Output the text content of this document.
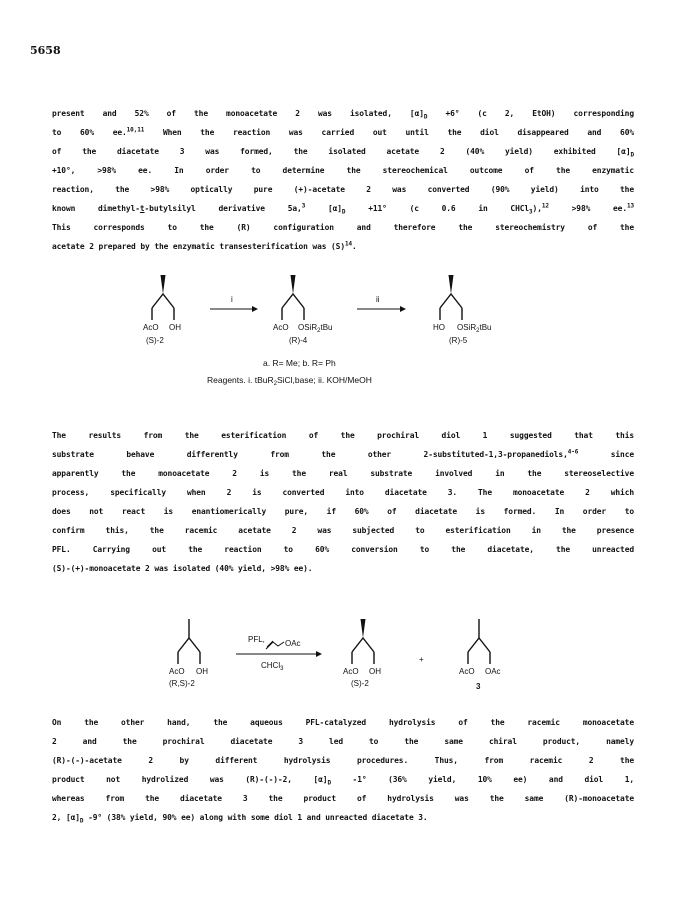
5658
present and 52% of the monoacetate 2 was isolated, $[\alpha]_D +6^\circ$ (c 2, EtOH) corresponding
to 60% ee.$^{10,11}$ When the reaction was carried out until the diol disappeared and 60%
of the diacetate 3 was formed, the isolated acetate 2 (40% yield) exhibited $[\alpha]_D$
+10°, >98% ee. In order to determine the stereochemical outcome of the enzymatic
reaction, the >98% optically pure (+)-acetate 2 was converted (90% yield) into the
known dimethyl-t-butylsilyl derivative 5a,$^3$ $[\alpha]_D +11^\circ$ (c 0.6 in CHCl$_3$),$^{12}$ >98% ee.$^{13}$
This corresponds to the (R) configuration and therefore the stereochemistry of the
acetate 2 prepared by the enzymatic transesterification was $(S)^{14}$.
AcO OH
(S)-2
i
AcO OSiR$_2$tBu
(R)-4
ii
HO OSiR$_2$tBu
(R)-5
a. R= Me; b. R= Ph
Reagents. i. tBuR$_2$SiCl,base; ii. KOH/MeOH
The results from the esterification of the prochiral diol 1 suggested that this
substrate behave differently from the other 2-substituted-1,3-propanediols,$^{4-6}$ since
apparently the monoacetate 2 is the real substrate involved in the stereoselective
process, specifically when 2 is converted into diacetate 3. The monoacetate 2 which
does not react is enantiomerically pure, if 60% of diacetate is formed. In order to
confirm this, the racemic acetate 2 was subjected to esterification in the presence
PFL. Carrying out the reaction to 60% conversion to the diacetate, the unreacted
(S)-(+)-monoacetate 2 was isolated (40% yield, >98% ee).
AcO OH
(R,S)-2
PFL,	OAc
CHCl$_3$	AcO OH
(S)-2
+
AcO OAc
3
On the other hand, the aqueous PFL-catalyzed hydrolysis of the racemic monoacetate
2 and the prochiral diacetate 3 led to the same chiral product, namely
(R)-(-)-acetate 2 by different hydrolysis procedures. Thus, from racemic 2 the
product not hydrolized was (R)-(-)-2, $[\alpha]_D$ -1° (36% yield, 10% ee) and diol 1,
whereas from the diacetate 3 the product of hydrolysis was the same (R)-monoacetate
2, $[\alpha]_D$ -9° (38% yield, 90% ee) along with some diol 1 and unreacted diacetate 3.
